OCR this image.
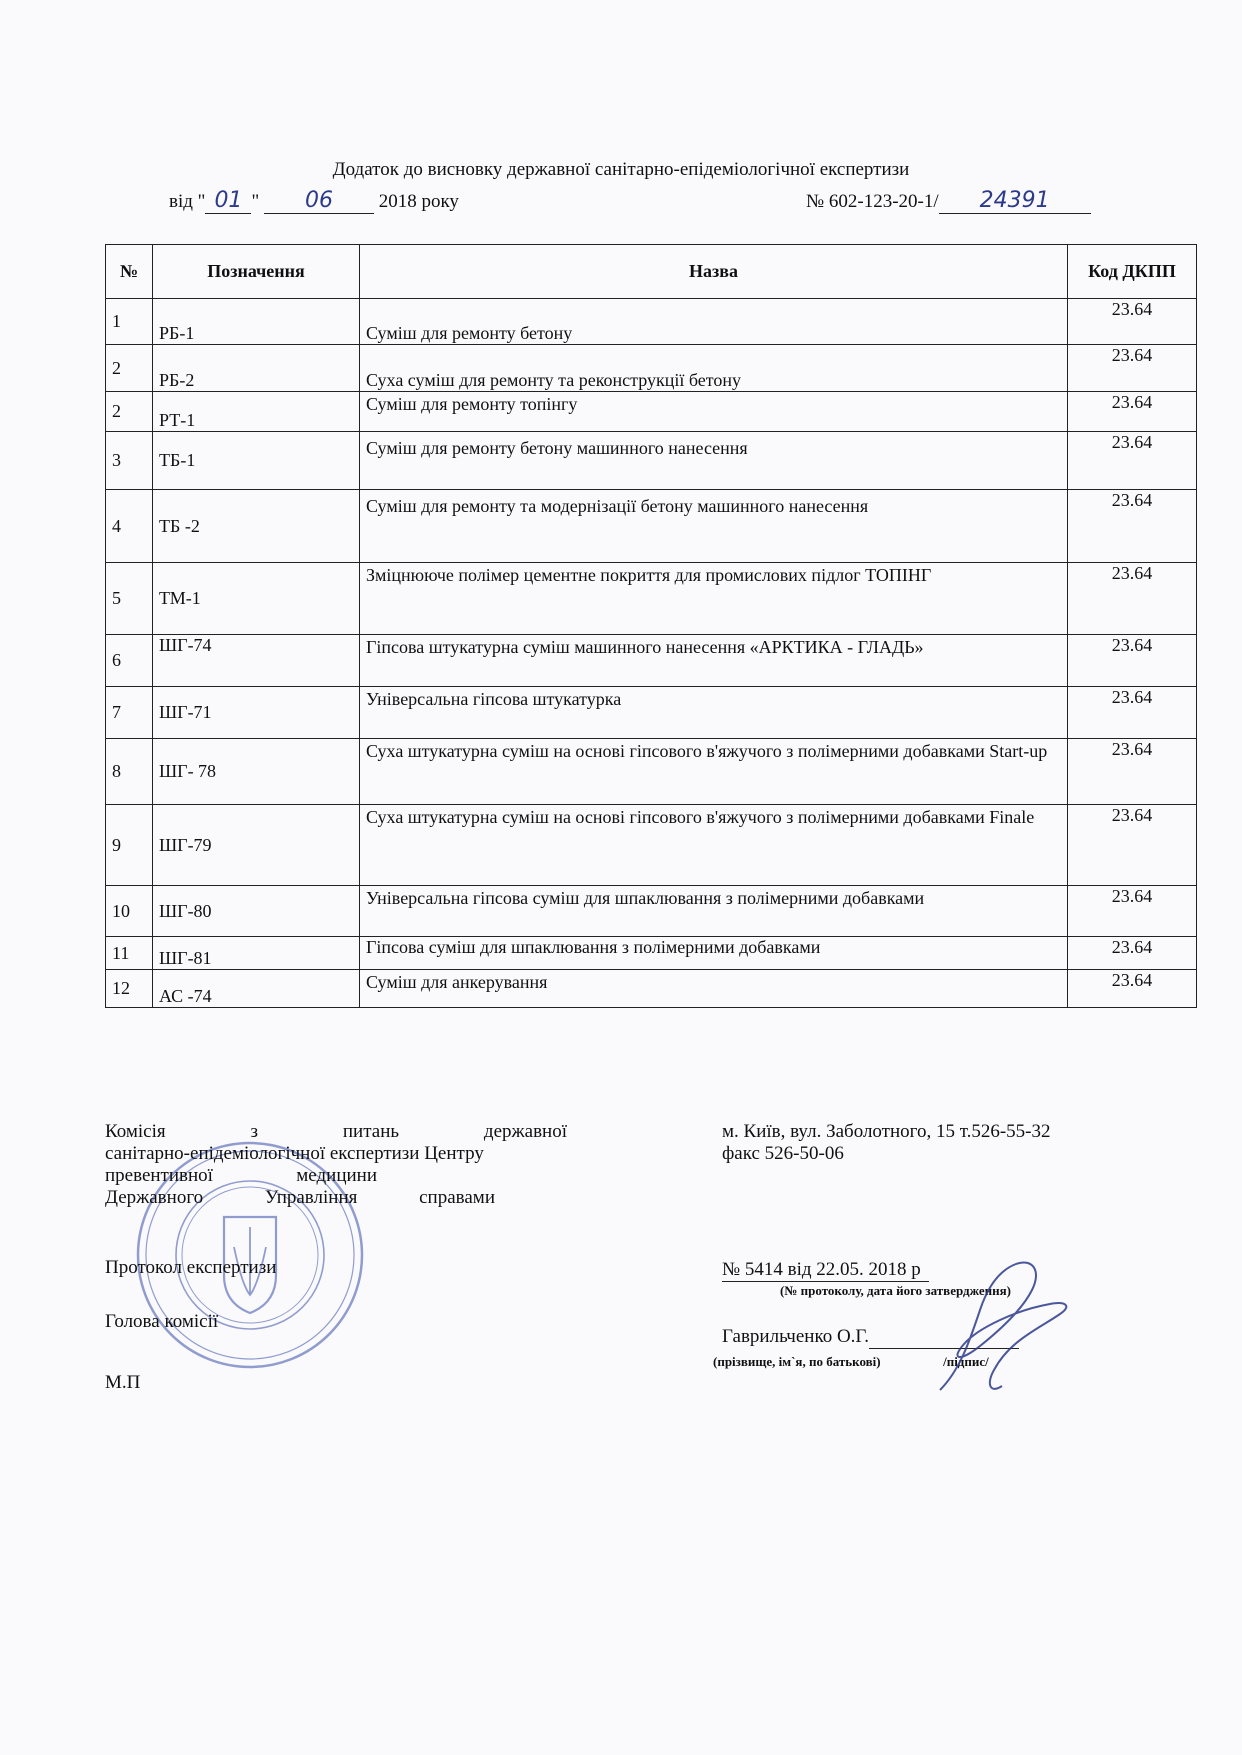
Додаток до висновку державної санітарно-епідеміологічної експертизи
від " 01 " 06 2018 року	№ 602-123-20-1/ 24391
№	Позначення	Назва	Код ДКПП
1	РБ-1	Суміш для ремонту бетону	23.64
2	РБ-2	Суха суміш для ремонту та реконструкції бетону	23.64
2	РТ-1	Суміш для ремонту топінгу	23.64
3	ТБ-1	Суміш для ремонту бетону машинного нанесення	23.64
4	ТБ -2	Суміш для ремонту та модернізації бетону машинного нанесення	23.64
5	ТМ-1	Зміцнююче полімер цементне покриття для промислових підлог ТОПІНГ	23.64
6	ШГ-74	Гіпсова штукатурна суміш машинного нанесення «АРКТИКА - ГЛАДЬ»	23.64
7	ШГ-71	Універсальна гіпсова штукатурка	23.64
8	ШГ- 78	Суха штукатурна суміш на основі гіпсового в'яжучого з полімерними добавками Start-up	23.64
9	ШГ-79	Суха штукатурна суміш на основі гіпсового в'яжучого з полімерними добавками Finale	23.64
10	ШГ-80	Універсальна гіпсова суміш для шпаклювання з полімерними добавками	23.64
11	ШГ-81	Гіпсова суміш для шпаклювання з полімерними добавками	23.64
12	АС -74	Суміш для анкерування	23.64
Комісія з питань державної
санітарно-епідеміологічної експертизи Центру
превентивної медицини
Державного Управління справами
м. Київ, вул. Заболотного, 15 т.526-55-32
факс 526-50-06
Протокол експертизи
Голова комісії
М.П
№ 5414 від 22.05. 2018 р
(№ протоколу, дата його затвердження)
Гаврильченко О.Г.
(прізвище, ім`я, по батькові)	/підпис/
